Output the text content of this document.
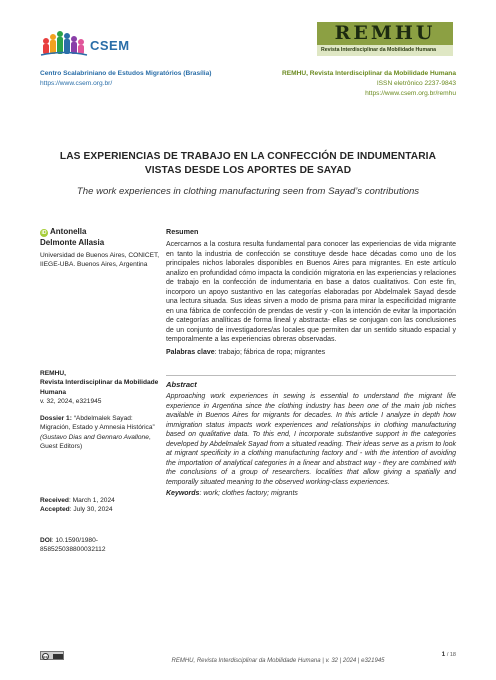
CSEM
Centro Scalabriniano de Estudos Migratórios (Brasília)
https://www.csem.org.br/
REMHU
Revista Interdisciplinar da Mobilidade Humana
REMHU, Revista Interdisciplinar da Mobilidade Humana
ISSN eletrônico 2237-9843
https://www.csem.org.br/remhu
LAS EXPERIENCIAS DE TRABAJO EN LA CONFECCIÓN DE INDUMENTARIA
VISTAS DESDE LOS APORTES DE SAYAD
The work experiences in clothing manufacturing seen from Sayad’s contributions
iD Antonella
Delmonte Allasia
Universidad de Buenos Aires, CONICET, IIEGE-UBA. Buenos Aires, Argentina
REMHU,
Revista Interdisciplinar da Mobilidade Humana
v. 32, 2024, e321945
Dossier 1: “Abdelmalek Sayad: Migración, Estado y Amnesia Histórica” (Gustavo Dias and Gennaro Avallone, Guest Editors)
Received: March 1, 2024
Accepted: July 30, 2024
DOI: 10.1590/1980-858525038800032112
Resumen
Acercarnos a la costura resulta fundamental para conocer las experiencias de vida migrante en tanto la industria de confección se constituye desde hace décadas como uno de los principales nichos laborales disponibles en Buenos Aires para migrantes. En este artículo analizo en profundidad cómo impacta la condición migratoria en las experiencias y relaciones de trabajo en la confección de indumentaria en base a datos cualitativos. Con este fin, incorporo un apoyo sustantivo en las categorías elaboradas por Abdelmalek Sayad desde una lectura situada. Sus ideas sirven a modo de prisma para mirar la especificidad migrante en una fábrica de confección de prendas de vestir y -con la intención de evitar la importación de categorías analíticas de forma lineal y abstracta- ellas se conjugan con las conclusiones de un conjunto de investigadores/as locales que permiten dar un sentido situado espacial y temporalmente a las experiencias obreras observadas.
Palabras clave: trabajo; fábrica de ropa; migrantes
Abstract
Approaching work experiences in sewing is essential to understand the migrant life experience in Argentina since the clothing industry has been one of the main job niches available in Buenos Aires for migrants for decades. In this article I analyze in depth how immigration status impacts work experiences and relationships in clothing manufacturing based on qualitative data. To this end, I incorporate substantive support in the categories developed by Abdelmalek Sayad from a situated reading. Their ideas serve as a prism to look at migrant specificity in a clothing manufacturing factory and - with the intention of avoiding the importation of analytical categories in a linear and abstract way - they are combined with the conclusions of a group of researchers. localities that allow giving a spatially and temporally situated meaning to the observed working-class experiences.
Keywords: work; clothes factory; migrants
cc
REMHU, Revista Interdisciplinar da Mobilidade Humana | v. 32 | 2024 | e321945
1 / 18
